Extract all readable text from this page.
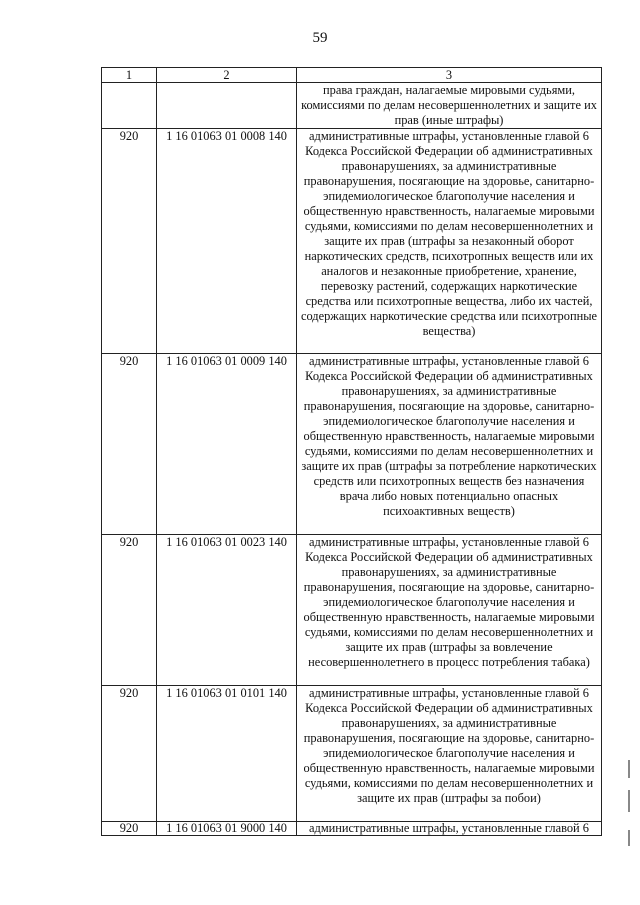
59
1	2	3
		права граждан, налагаемые мировыми судьями, комиссиями по делам несовершеннолетних и защите их прав (иные штрафы)
920	1 16 01063 01 0008 140	административные штрафы, установленные главой 6 Кодекса Российской Федерации об административных правонарушениях, за административные правонарушения, посягающие на здоровье, санитарно-эпидемиологическое благополучие населения и общественную нравственность, налагаемые мировыми судьями, комиссиями по делам несовершеннолетних и защите их прав (штрафы за незаконный оборот наркотических средств, психотропных веществ или их аналогов и незаконные приобретение, хранение, перевозку растений, содержащих наркотические средства или психотропные вещества, либо их частей, содержащих наркотические средства или психотропные вещества)
920	1 16 01063 01 0009 140	административные штрафы, установленные главой 6 Кодекса Российской Федерации об административных правонарушениях, за административные правонарушения, посягающие на здоровье, санитарно-эпидемиологическое благополучие населения и общественную нравственность, налагаемые мировыми судьями, комиссиями по делам несовершеннолетних и защите их прав (штрафы за потребление наркотических средств или психотропных веществ без назначения врача либо новых потенциально опасных психоактивных веществ)
920	1 16 01063 01 0023 140	административные штрафы, установленные главой 6 Кодекса Российской Федерации об административных правонарушениях, за административные правонарушения, посягающие на здоровье, санитарно-эпидемиологическое благополучие населения и общественную нравственность, налагаемые мировыми судьями, комиссиями по делам несовершеннолетних и защите их прав (штрафы за вовлечение несовершеннолетнего в процесс потребления табака)
920	1 16 01063 01 0101 140	административные штрафы, установленные главой 6 Кодекса Российской Федерации об административных правонарушениях, за административные правонарушения, посягающие на здоровье, санитарно-эпидемиологическое благополучие населения и общественную нравственность, налагаемые мировыми судьями, комиссиями по делам несовершеннолетних и защите их прав (штрафы за побои)
920	1 16 01063 01 9000 140	административные штрафы, установленные главой 6
